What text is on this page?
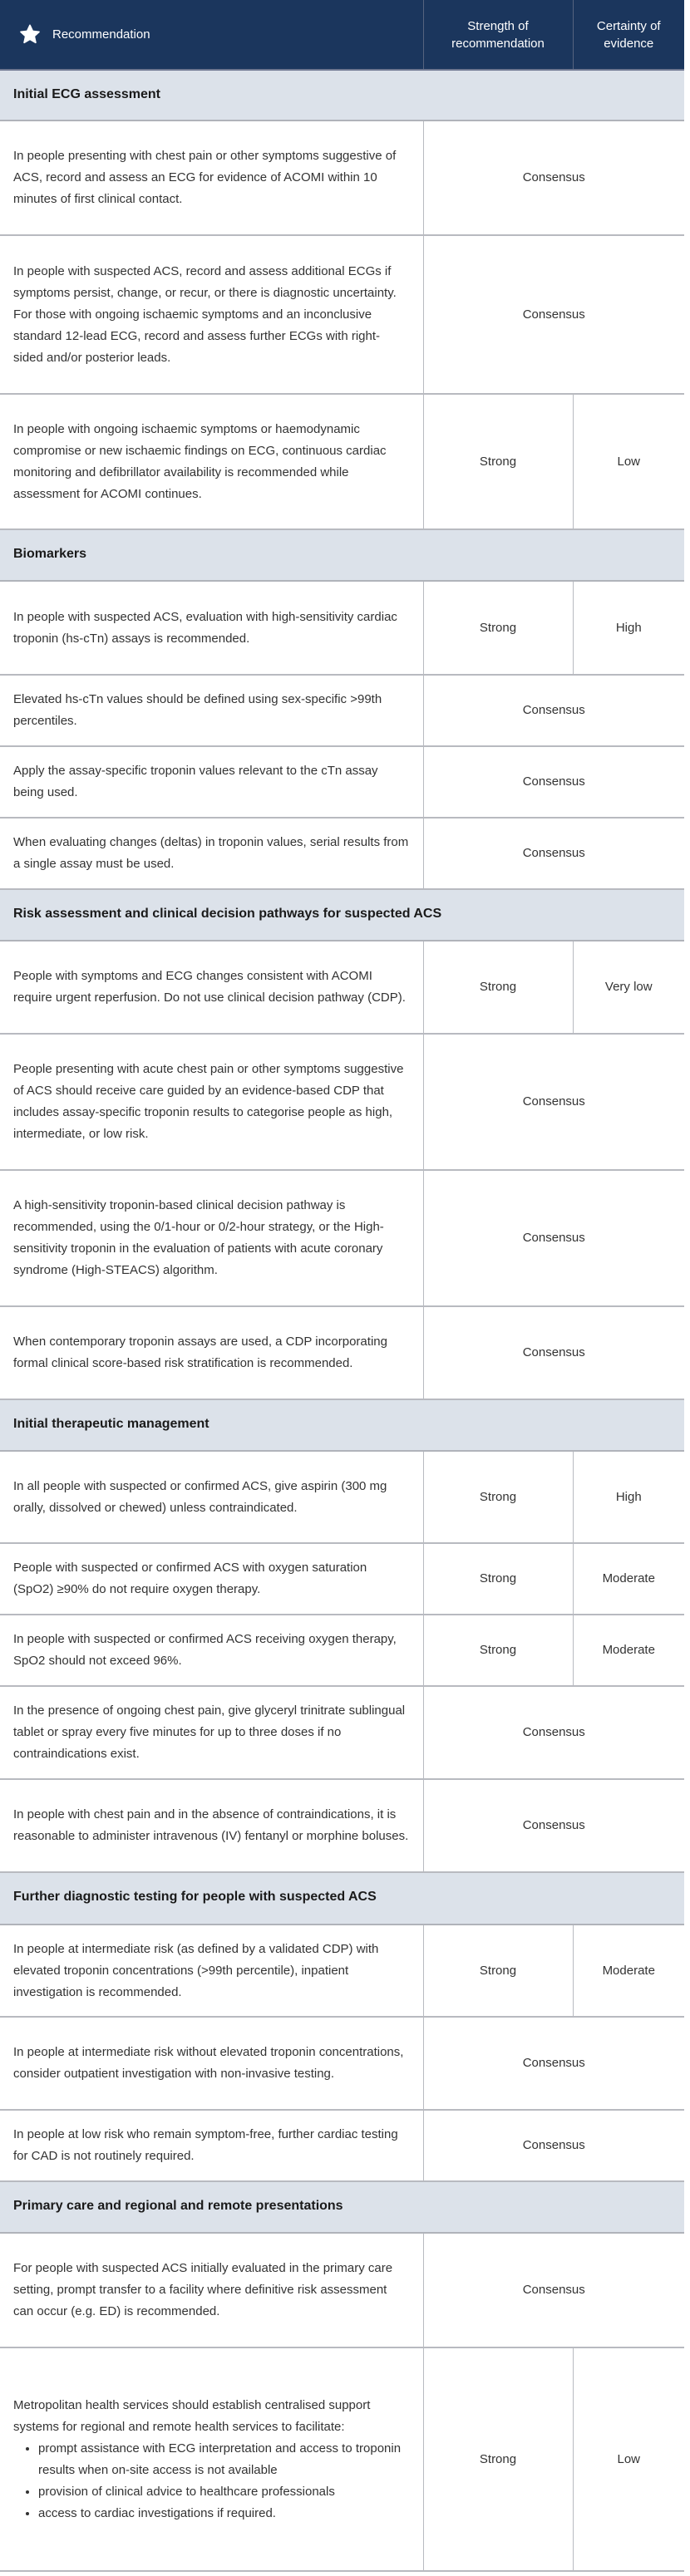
Recommendation	Strength of recommendation	Certainty of evidence
Initial ECG assessment		
In people presenting with chest pain or other symptoms suggestive of ACS, record and assess an ECG for evidence of ACOMI within 10 minutes of first clinical contact.	Consensus	
In people with suspected ACS, record and assess additional ECGs if symptoms persist, change, or recur, or there is diagnostic uncertainty. For those with ongoing ischaemic symptoms and an inconclusive standard 12-lead ECG, record and assess further ECGs with right-sided and/or posterior leads.	Consensus	
In people with ongoing ischaemic symptoms or haemodynamic compromise or new ischaemic findings on ECG, continuous cardiac monitoring and defibrillator availability is recommended while assessment for ACOMI continues.	Strong	Low
Biomarkers		
In people with suspected ACS, evaluation with high-sensitivity cardiac troponin (hs-cTn) assays is recommended.	Strong	High
Elevated hs-cTn values should be defined using sex-specific >99th percentiles.	Consensus	
Apply the assay-specific troponin values relevant to the cTn assay being used.	Consensus	
When evaluating changes (deltas) in troponin values, serial results from a single assay must be used.	Consensus	
Risk assessment and clinical decision pathways for suspected ACS		
People with symptoms and ECG changes consistent with ACOMI require urgent reperfusion. Do not use clinical decision pathway (CDP).	Strong	Very low
People presenting with acute chest pain or other symptoms suggestive of ACS should receive care guided by an evidence-based CDP that includes assay-specific troponin results to categorise people as high, intermediate, or low risk.	Consensus	
A high-sensitivity troponin-based clinical decision pathway is recommended, using the 0/1-hour or 0/2-hour strategy, or the High-sensitivity troponin in the evaluation of patients with acute coronary syndrome (High-STEACS) algorithm.	Consensus	
When contemporary troponin assays are used, a CDP incorporating formal clinical score-based risk stratification is recommended.	Consensus	
Initial therapeutic management		
In all people with suspected or confirmed ACS, give aspirin (300 mg orally, dissolved or chewed) unless contraindicated.	Strong	High
People with suspected or confirmed ACS with oxygen saturation (SpO2) ≥90% do not require oxygen therapy.	Strong	Moderate
In people with suspected or confirmed ACS receiving oxygen therapy, SpO2 should not exceed 96%.	Strong	Moderate
In the presence of ongoing chest pain, give glyceryl trinitrate sublingual tablet or spray every five minutes for up to three doses if no contraindications exist.	Consensus	
In people with chest pain and in the absence of contraindications, it is reasonable to administer intravenous (IV) fentanyl or morphine boluses.	Consensus	
Further diagnostic testing for people with suspected ACS		
In people at intermediate risk (as defined by a validated CDP) with elevated troponin concentrations (>99th percentile), inpatient investigation is recommended.	Strong	Moderate
In people at intermediate risk without elevated troponin concentrations, consider outpatient investigation with non-invasive testing.	Consensus	
In people at low risk who remain symptom-free, further cardiac testing for CAD is not routinely required.	Consensus	
Primary care and regional and remote presentations		
For people with suspected ACS initially evaluated in the primary care setting, prompt transfer to a facility where definitive risk assessment can occur (e.g. ED) is recommended.	Consensus	

Metropolitan health services should establish centralised support systems for regional and remote health services to facilitate:
• prompt assistance with ECG interpretation and access to troponin results when on-site access is not available
• provision of clinical advice to healthcare professionals
• access to cardiac investigations if required.
	Strong	Low
